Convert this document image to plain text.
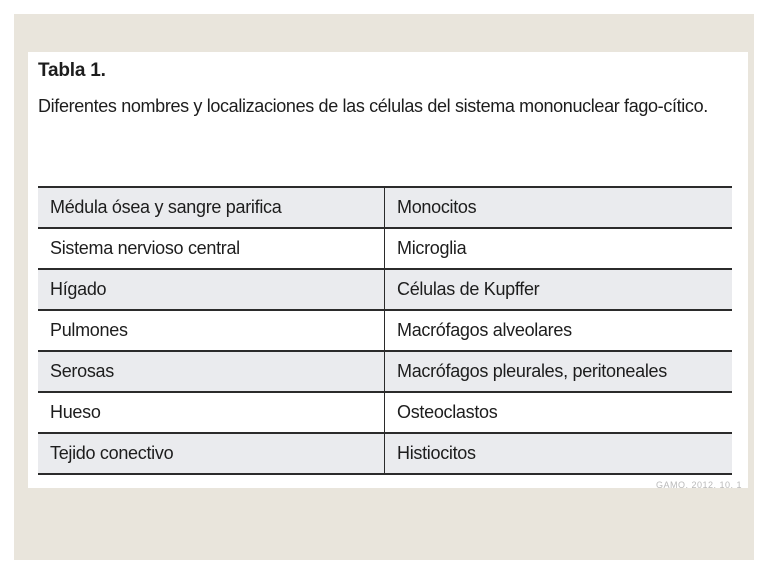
Tabla 1.

Diferentes nombres y localizaciones de las células del sistema mononuclear fago-cítico.

Médula ósea y sangre parifica	Monocitos
Sistema nervioso central	Microglia
Hígado	Células de Kupffer
Pulmones	Macrófagos alveolares
Serosas	Macrófagos pleurales, peritoneales
Hueso	Osteoclastos
Tejido conectivo	Histiocitos
GAMO. 2012. 10. 1
